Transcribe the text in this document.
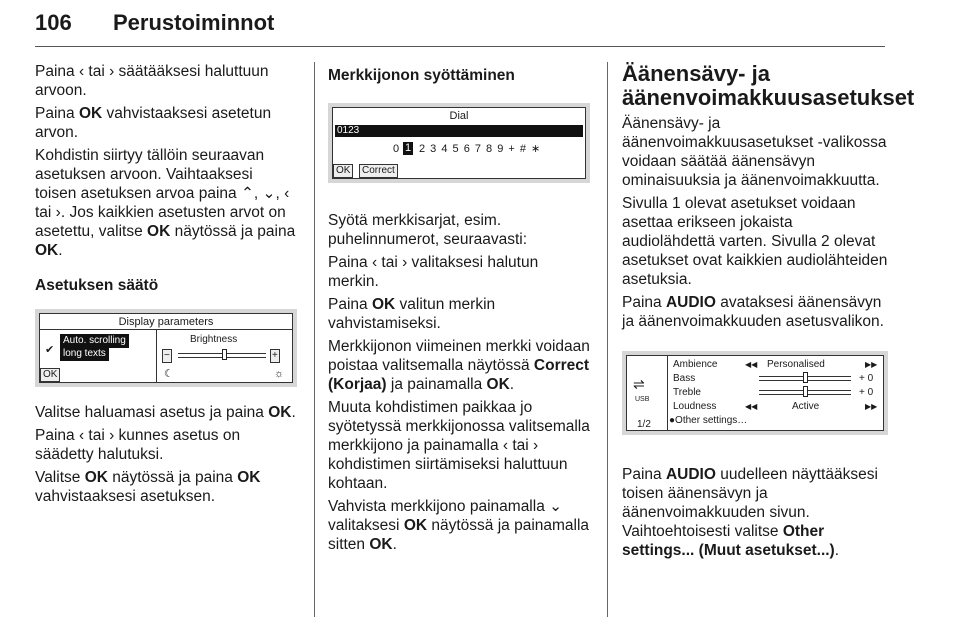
106 Perustoiminnot

Paina ‹ tai › säätääksesi haluttuun arvoon.

Paina OK vahvistaaksesi asetetun arvon.

Kohdistin siirtyy tällöin seuraavan asetuksen arvoon. Vaihtaaksesi toisen asetuksen arvoa paina ⌃, ⌄, ‹ tai ›. Jos kaikkien asetusten arvot on asetettu, valitse OK näytössä ja paina OK.

Asetuksen säätö
Display parameters
✔
Auto. scrolling
long texts
OK
Brightness
−	+
☾	☼

Valitse haluamasi asetus ja paina OK.

Paina ‹ tai › kunnes asetus on säädetty halutuksi.

Valitse OK näytössä ja paina OK vahvistaaksesi asetuksen.

Merkkijonon syöttäminen
Dial
0123
0 1 2 3 4 5 6 7 8 9 + # ∗
OK	Correct

Syötä merkkisarjat, esim. puhelinnumerot, seuraavasti:

Paina ‹ tai › valitaksesi halutun merkin.

Paina OK valitun merkin vahvistamiseksi.

Merkkijonon viimeinen merkki voidaan poistaa valitsemalla näytössä Correct (Korjaa) ja painamalla OK.

Muuta kohdistimen paikkaa jo syötetyssä merkkijonossa valitsemalla merkkijono ja painamalla ‹ tai › kohdistimen siirtämiseksi haluttuun kohtaan.

Vahvista merkkijono painamalla ⌄ valitaksesi OK näytössä ja painamalla sitten OK.

Äänensävy- ja äänenvoimakkuusasetukset

Äänensävy- ja äänenvoimakkuusasetukset -valikossa voidaan säätää äänensävyn ominaisuuksia ja äänenvoimakkuutta.

Sivulla 1 olevat asetukset voidaan asettaa erikseen jokaista audiolähdettä varten. Sivulla 2 olevat asetukset ovat kaikkien audiolähteiden asetuksia.

Paina AUDIO avataksesi äänensävyn ja äänenvoimakkuuden asetusvalikon.

⇌
USB
1/2
Ambience	◀◀ Personalised	▶▶
Bass	+ 0
Treble	+ 0
Loudness	◀◀	Active	▶▶
●Other settings…

Paina AUDIO uudelleen näyttääksesi toisen äänensävyn ja äänenvoimakkuuden sivun. Vaihtoehtoisesti valitse Other settings... (Muut asetukset...).
